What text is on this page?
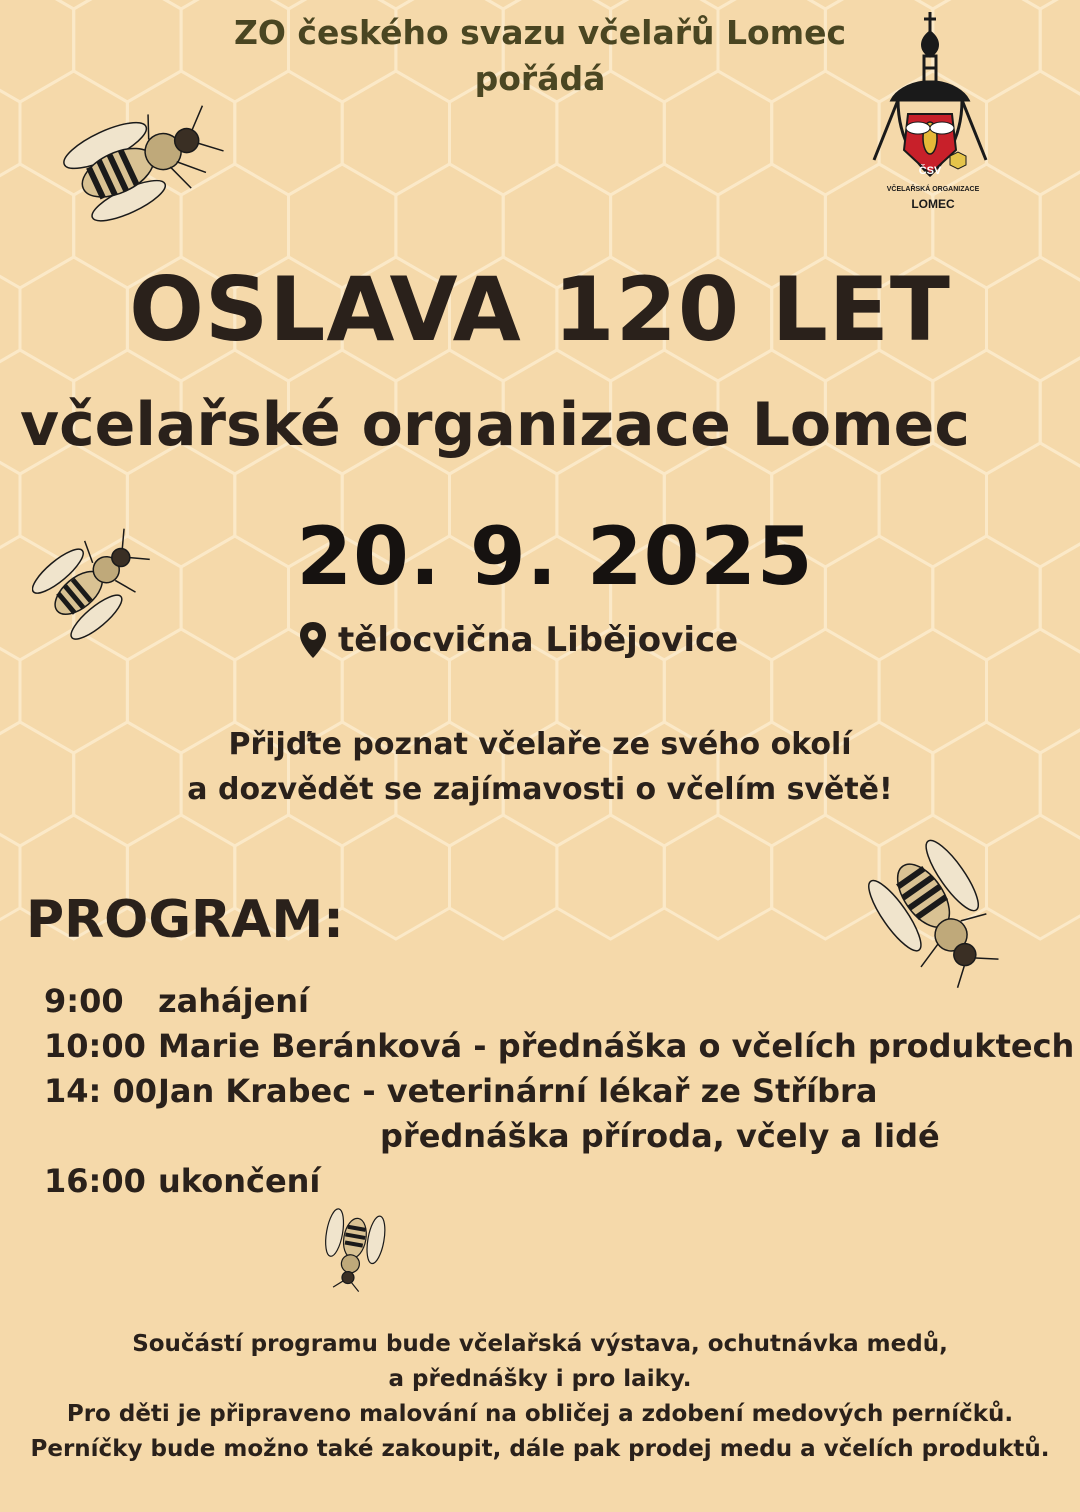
ZO českého svazu včelařů Lomec
pořádá
ČSV
VČELAŘSKÁ ORGANIZACE
LOMEC
OSLAVA 120 LET
včelařské organizace Lomec
20. 9. 2025
tělocvična Libějovice
Přijďte poznat včelaře ze svého okolí
a dozvědět se zajímavosti o včelím světě!
PROGRAM:
9:00 zahájení
10:00 Marie Beránková - přednáška o včelích produktech
14: 00Jan Krabec - veterinární lékař ze Stříbra
přednáška příroda, včely a lidé
16:00 ukončení
Součástí programu bude včelařská výstava, ochutnávka medů,
a přednášky i pro laiky.
Pro děti je připraveno malování na obličej a zdobení medových perníčků.
Perníčky bude možno také zakoupit, dále pak prodej medu a včelích produktů.
